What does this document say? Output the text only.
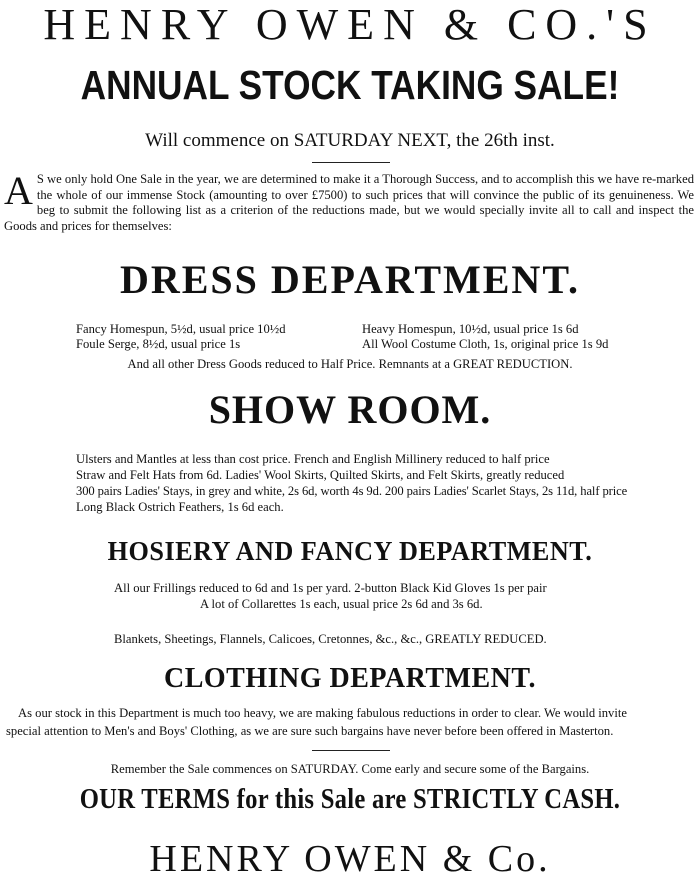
HENRY OWEN & CO.'S
ANNUAL STOCK TAKING SALE!
Will commence on SATURDAY NEXT, the 26th inst.

A S we only hold One Sale in the year, we are determined to make it a Thorough Success, and to accomplish this we have re-marked the whole of our immense Stock (amounting to over £7500) to such prices that will convince the public of its genuineness. We beg to submit the following list as a criterion of the reductions made, but we would specially invite all to call and inspect the Goods and prices for themselves:

DRESS DEPARTMENT.
Fancy Homespun, 5½d, usual price 10½d
Foule Serge, 8½d, usual price 1s
Heavy Homespun, 10½d, usual price 1s 6d
All Wool Costume Cloth, 1s, original price 1s 9d
And all other Dress Goods reduced to Half Price. Remnants at a GREAT REDUCTION.
SHOW ROOM.
Ulsters and Mantles at less than cost price. French and English Millinery reduced to half price
Straw and Felt Hats from 6d. Ladies' Wool Skirts, Quilted Skirts, and Felt Skirts, greatly reduced
300 pairs Ladies' Stays, in grey and white, 2s 6d, worth 4s 9d. 200 pairs Ladies' Scarlet Stays, 2s 11d, half price
Long Black Ostrich Feathers, 1s 6d each.
HOSIERY AND FANCY DEPARTMENT.
All our Frillings reduced to 6d and 1s per yard. 2-button Black Kid Gloves 1s per pair
A lot of Collarettes 1s each, usual price 2s 6d and 3s 6d.
Blankets, Sheetings, Flannels, Calicoes, Cretonnes, &c., &c., GREATLY REDUCED.
CLOTHING DEPARTMENT.
As our stock in this Department is much too heavy, we are making fabulous reductions in order to clear. We would invite
special attention to Men's and Boys' Clothing, as we are sure such bargains have never before been offered in Masterton.
Remember the Sale commences on SATURDAY. Come early and secure some of the Bargains.
OUR TERMS for this Sale are STRICTLY CASH.
HENRY OWEN & Co.
